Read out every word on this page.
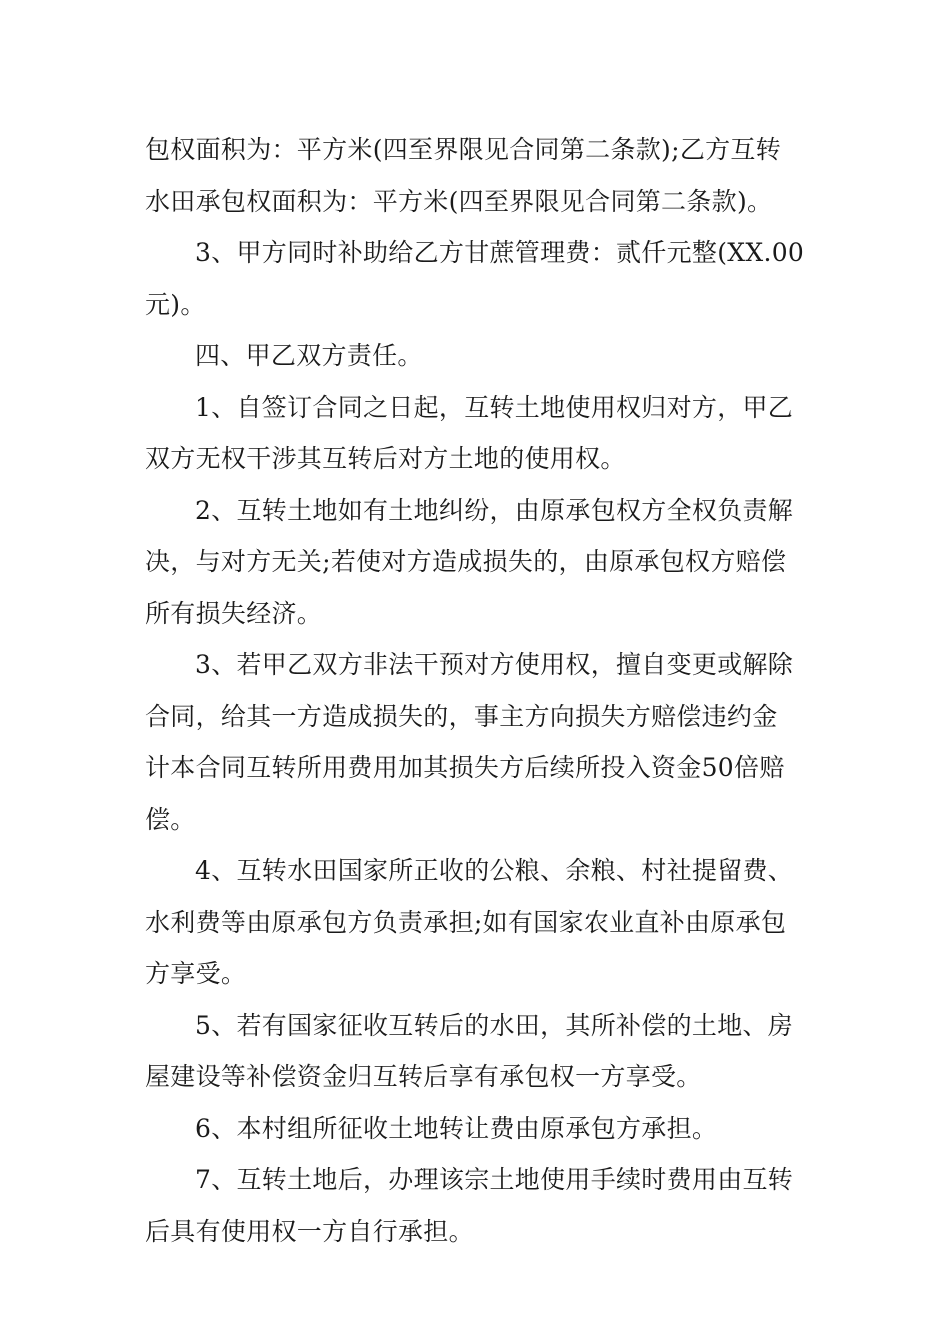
包权面积为：平方米(四至界限见合同第二条款);乙方互转
水田承包权面积为：平方米(四至界限见合同第二条款)。

3、甲方同时补助给乙方甘蔗管理费：贰仟元整(XX.00
元)。

四、甲乙双方责任。

1、自签订合同之日起，互转土地使用权归对方，甲乙
双方无权干涉其互转后对方土地的使用权。

2、互转土地如有土地纠纷，由原承包权方全权负责解
决，与对方无关;若使对方造成损失的，由原承包权方赔偿
所有损失经济。

3、若甲乙双方非法干预对方使用权，擅自变更或解除
合同，给其一方造成损失的，事主方向损失方赔偿违约金
计本合同互转所用费用加其损失方后续所投入资金50倍赔
偿。

4、互转水田国家所正收的公粮、余粮、村社提留费、
水利费等由原承包方负责承担;如有国家农业直补由原承包
方享受。

5、若有国家征收互转后的水田，其所补偿的土地、房
屋建设等补偿资金归互转后享有承包权一方享受。

6、本村组所征收土地转让费由原承包方承担。

7、互转土地后，办理该宗土地使用手续时费用由互转
后具有使用权一方自行承担。
